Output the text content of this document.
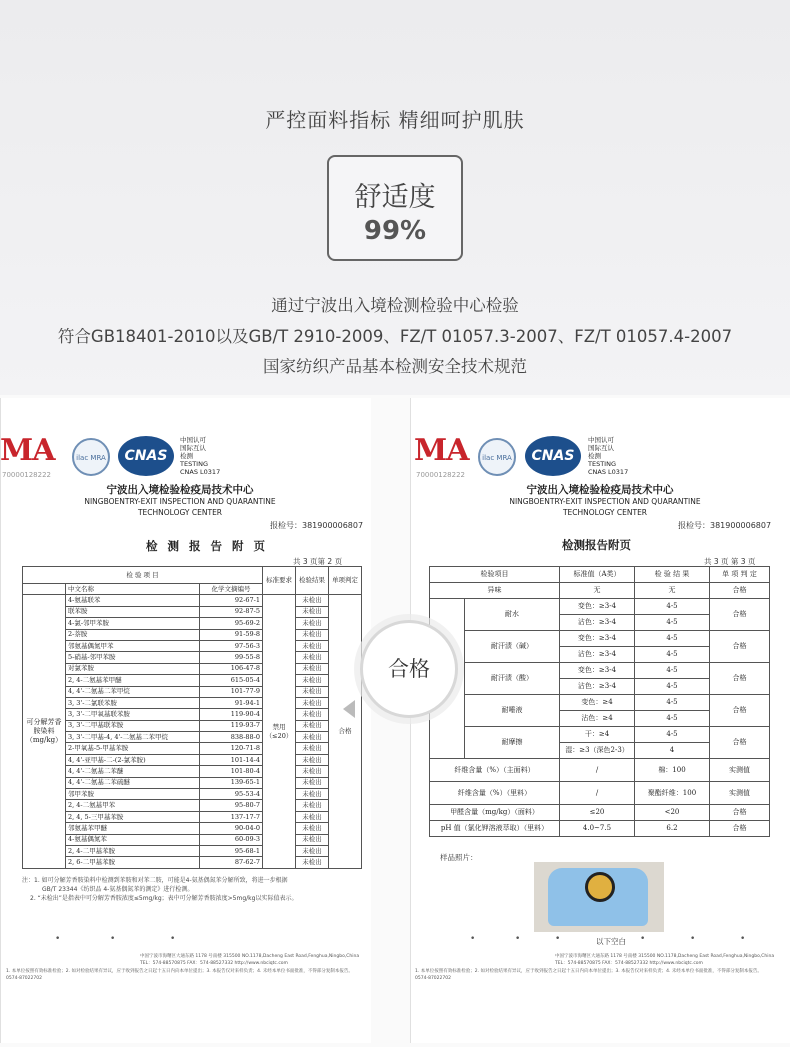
严控面料指标 精细呵护肌肤
舒适度
99%
通过宁波出入境检测检验中心检验
符合GB18401-2010以及GB/T 2910-2009、FZ/T 01057.3-2007、FZ/T 01057.4-2007
国家纺织产品基本检测安全技术规范
MA
70000128222
ilac MRA	CNAS
中国认可
国际互认
检测
TESTING
CNAS L0317
宁波出入境检验检疫局技术中心
NINGBOENTRY-EXIT INSPECTION AND QUARANTINE
TECHNOLOGY CENTER
报检号：381900006807
检 测 报 告 附 页
共 3 页第 2 页
检 验 项 目			标准要求	检验结果	单项判定
	中文名称	化学文摘编号			
可分解芳香胺染料（mg/kg）	4-氨基联苯	92-67-1	禁用（≤20）	未检出	合格
	联苯胺	92-87-5		未检出	
	4-氯-邻甲苯胺	95-69-2		未检出	
	2-萘胺	91-59-8		未检出	
	邻氨基偶氮甲苯	97-56-3		未检出	
	5-硝基-邻甲苯胺	99-55-8		未检出	
	对氯苯胺	106-47-8		未检出	
	2, 4-二氨基苯甲醚	615-05-4		未检出	
	4, 4'-二氨基二苯甲烷	101-77-9		未检出	
	3, 3'-二氯联苯胺	91-94-1		未检出	
	3, 3'-二甲氧基联苯胺	119-90-4		未检出	
	3, 3'-二甲基联苯胺	119-93-7		未检出	
	3, 3'-二甲基-4, 4'-二氨基二苯甲烷	838-88-0		未检出	
	2-甲氧基-5-甲基苯胺	120-71-8		未检出	
	4, 4'-亚甲基-二-(2-氯苯胺)	101-14-4		未检出	
	4, 4'-二氨基二苯醚	101-80-4		未检出	
	4, 4'-二氨基二苯硫醚	139-65-1		未检出	
	邻甲苯胺	95-53-4		未检出	
	2, 4-二氨基甲苯	95-80-7		未检出	
	2, 4, 5-三甲基苯胺	137-17-7		未检出	
	邻氨基苯甲醚	90-04-0		未检出	
	4-氨基偶氮苯	60-09-3		未检出	
	2, 4-二甲基苯胺	95-68-1		未检出	
	2, 6-二甲基苯胺	87-62-7		未检出	
注：1. 如可分解芳香胺染料中检测到苯胺和对苯二胺，可能是4-氨基偶氮苯分解所致，将进一步根据
GB/T 23344《纺织品 4-氨基偶氮苯的测定》进行检测。
2. “未检出”是指表中可分解芳香胺浓度≤5mg/kg；表中可分解芳香胺浓度>5mg/kg以实际值表示。
MA
70000128222
ilac MRA	CNAS
中国认可
国际互认
检测
TESTING
CNAS L0317
宁波出入境检验检疫局技术中心
NINGBOENTRY-EXIT INSPECTION AND QUARANTINE
TECHNOLOGY CENTER
报检号：381900006807
检测报告附页
共 3 页 第 3 页
检验项目		标准值（A类）	检 验 结 果	单 项 判 定
异味		无	无	合格
	耐水	变色：≥3-4	4-5	合格
		沾色：≥3-4	4-5	
	耐汗渍（碱）	变色：≥3-4	4-5	合格
		沾色：≥3-4	4-5	
	耐汗渍（酸）	变色：≥3-4	4-5	合格
		沾色：≥3-4	4-5	
	耐唾液	变色：≥4	4-5	合格
		沾色：≥4	4-5	
	耐摩擦	干：≥4	4-5	合格
		湿：≥3（深色2-3）	4	
纤维含量（%）（主面料）		/	棉：100	实测值
纤维含量（%）（里料）		/	聚酯纤维：100	实测值
甲醛含量（mg/kg）（面料）		≤20	<20	合格
pH 值（氯化钾溶液萃取）（里料）		4.0~7.5	6.2	合格
合格
样品照片：
以下空白
•	•	•	•	•	•
•	•	•
中国宁波市海曙区大通东路 1178 号南楼 315500 NO.1178,Dacheng East Road,Fenghua,Ningbo,China
TEL：574-88570875 FAX：574-88527332 http://www.nbciqtc.com
1. 本单位按照有效标准检验；2. 如对检验结果有异议，应于收到报告之日起十五日内向本单位提出；3. 本报告仅对来样负责；4. 未经本单位书面批准，不得部分复制本报告。
0574-87022702
中国宁波市海曙区大通东路 1178 号南楼 315500 NO.1178,Dacheng East Road,Fenghua,Ningbo,China
TEL：574-88570875 FAX：574-88527332 http://www.nbciqtc.com
1. 本单位按照有效标准检验；2. 如对检验结果有异议，应于收到报告之日起十五日内向本单位提出；3. 本报告仅对来样负责；4. 未经本单位书面批准，不得部分复制本报告。
0574-87022702
